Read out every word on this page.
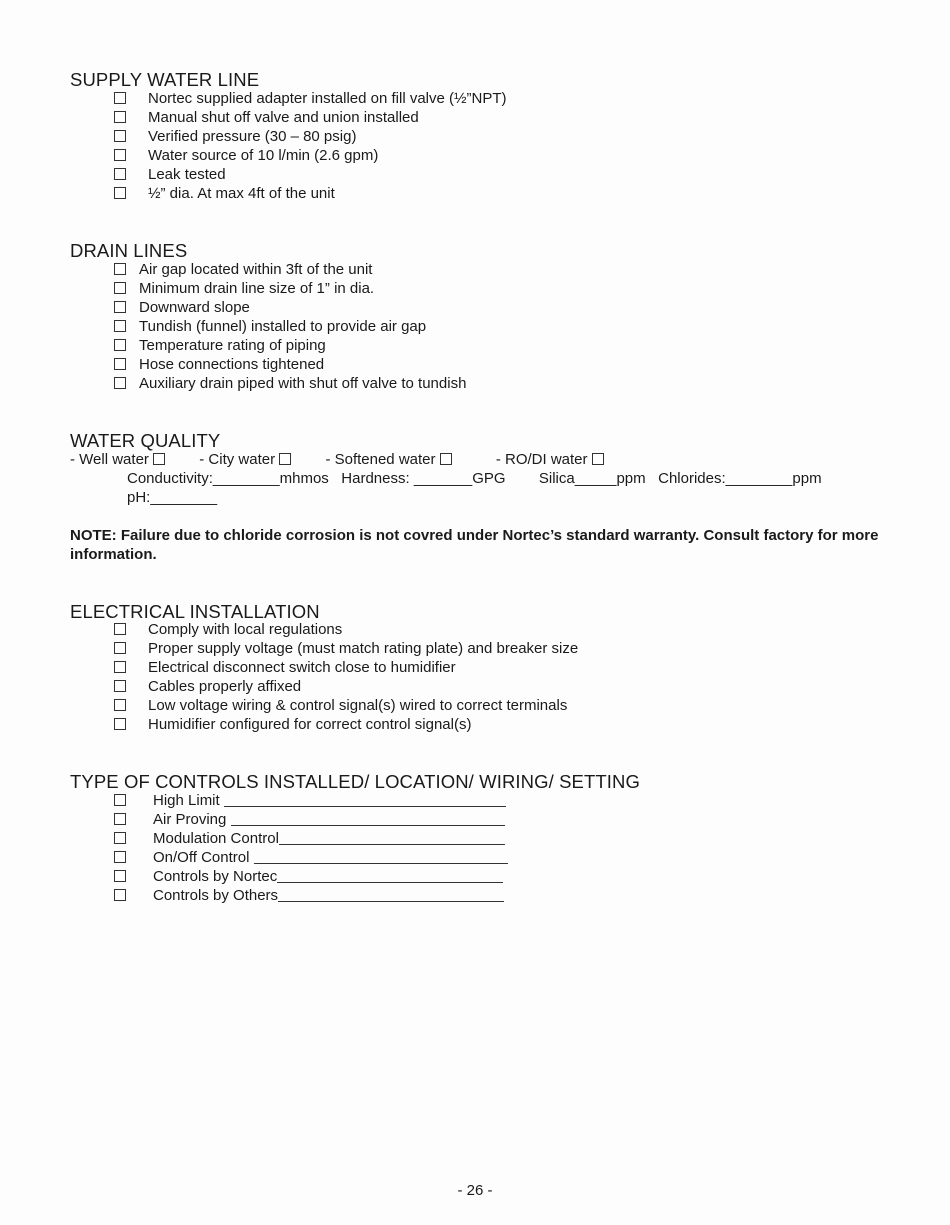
SUPPLY WATER LINE
Nortec supplied adapter installed on fill valve (½”NPT)
Manual shut off valve and union installed
Verified pressure (30 – 80 psig)
Water source of 10 l/min (2.6 gpm)
Leak tested
½” dia. At max 4ft of the unit
DRAIN LINES
Air gap located within 3ft of the unit
Minimum drain line size of 1” in dia.
Downward slope
Tundish (funnel) installed to provide air gap
Temperature rating of piping
Hose connections tightened
Auxiliary drain piped with shut off valve to tundish
WATER QUALITY
- Well water	- City water	- Softened water	- RO/DI water
Conductivity:________mhmos   Hardness: _______GPG        Silica_____ppm   Chlorides:________ppm
pH:________
NOTE: Failure due to chloride corrosion is not covred under Nortec’s standard warranty. Consult factory for more information.
ELECTRICAL INSTALLATION
Comply with local regulations
Proper supply voltage (must match rating plate) and breaker size
Electrical disconnect switch close to humidifier
Cables properly affixed
Low voltage wiring & control signal(s) wired to correct terminals
Humidifier configured for correct control signal(s)
TYPE OF CONTROLS INSTALLED/ LOCATION/ WIRING/ SETTING
High Limit
Air Proving
Modulation Control
On/Off Control
Controls by Nortec
Controls by Others
- 26 -
